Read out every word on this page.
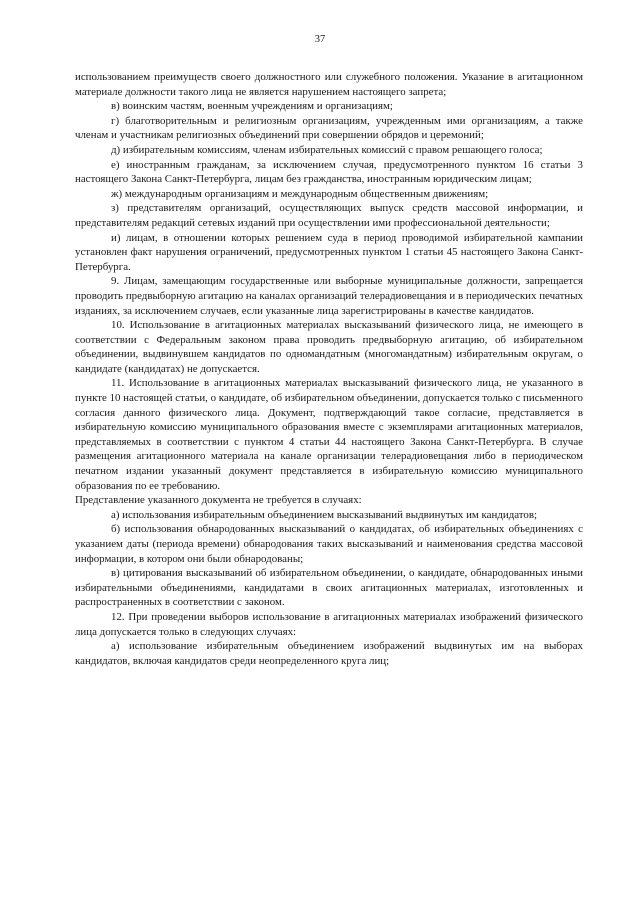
37

использованием преимуществ своего должностного или служебного положения. Указание в агитационном материале должности такого лица не является нарушением настоящего запрета;

в) воинским частям, военным учреждениям и организациям;

г) благотворительным и религиозным организациям, учрежденным ими организациям, а также членам и участникам религиозных объединений при совершении обрядов и церемоний;

д) избирательным комиссиям, членам избирательных комиссий с правом решающего голоса;

е) иностранным гражданам, за исключением случая, предусмотренного пунктом 16 статьи 3 настоящего Закона Санкт-Петербурга, лицам без гражданства, иностранным юридическим лицам;

ж) международным организациям и международным общественным движениям;

з) представителям организаций, осуществляющих выпуск средств массовой информации, и представителям редакций сетевых изданий при осуществлении ими профессиональной деятельности;

и) лицам, в отношении которых решением суда в период проводимой избирательной кампании установлен факт нарушения ограничений, предусмотренных пунктом 1 статьи 45 настоящего Закона Санкт-Петербурга.

9. Лицам, замещающим государственные или выборные муниципальные должности, запрещается проводить предвыборную агитацию на каналах организаций телерадиовещания и в периодических печатных изданиях, за исключением случаев, если указанные лица зарегистрированы в качестве кандидатов.

10. Использование в агитационных материалах высказываний физического лица, не имеющего в соответствии с Федеральным законом права проводить предвыборную агитацию, об избирательном объединении, выдвинувшем кандидатов по одномандатным (многомандатным) избирательным округам, о кандидате (кандидатах) не допускается.

11. Использование в агитационных материалах высказываний физического лица, не указанного в пункте 10 настоящей статьи, о кандидате, об избирательном объединении, допускается только с письменного согласия данного физического лица. Документ, подтверждающий такое согласие, представляется в избирательную комиссию муниципального образования вместе с экземплярами агитационных материалов, представляемых в соответствии с пунктом 4 статьи 44 настоящего Закона Санкт-Петербурга. В случае размещения агитационного материала на канале организации телерадиовещания либо в периодическом печатном издании указанный документ представляется в избирательную комиссию муниципального образования по ее требованию.

Представление указанного документа не требуется в случаях:

а) использования избирательным объединением высказываний выдвинутых им кандидатов;

б) использования обнародованных высказываний о кандидатах, об избирательных объединениях с указанием даты (периода времени) обнародования таких высказываний и наименования средства массовой информации, в котором они были обнародованы;

в) цитирования высказываний об избирательном объединении, о кандидате, обнародованных иными избирательными объединениями, кандидатами в своих агитационных материалах, изготовленных и распространенных в соответствии с законом.

12. При проведении выборов использование в агитационных материалах изображений физического лица допускается только в следующих случаях:

а) использование избирательным объединением изображений выдвинутых им на выборах кандидатов, включая кандидатов среди неопределенного круга лиц;
